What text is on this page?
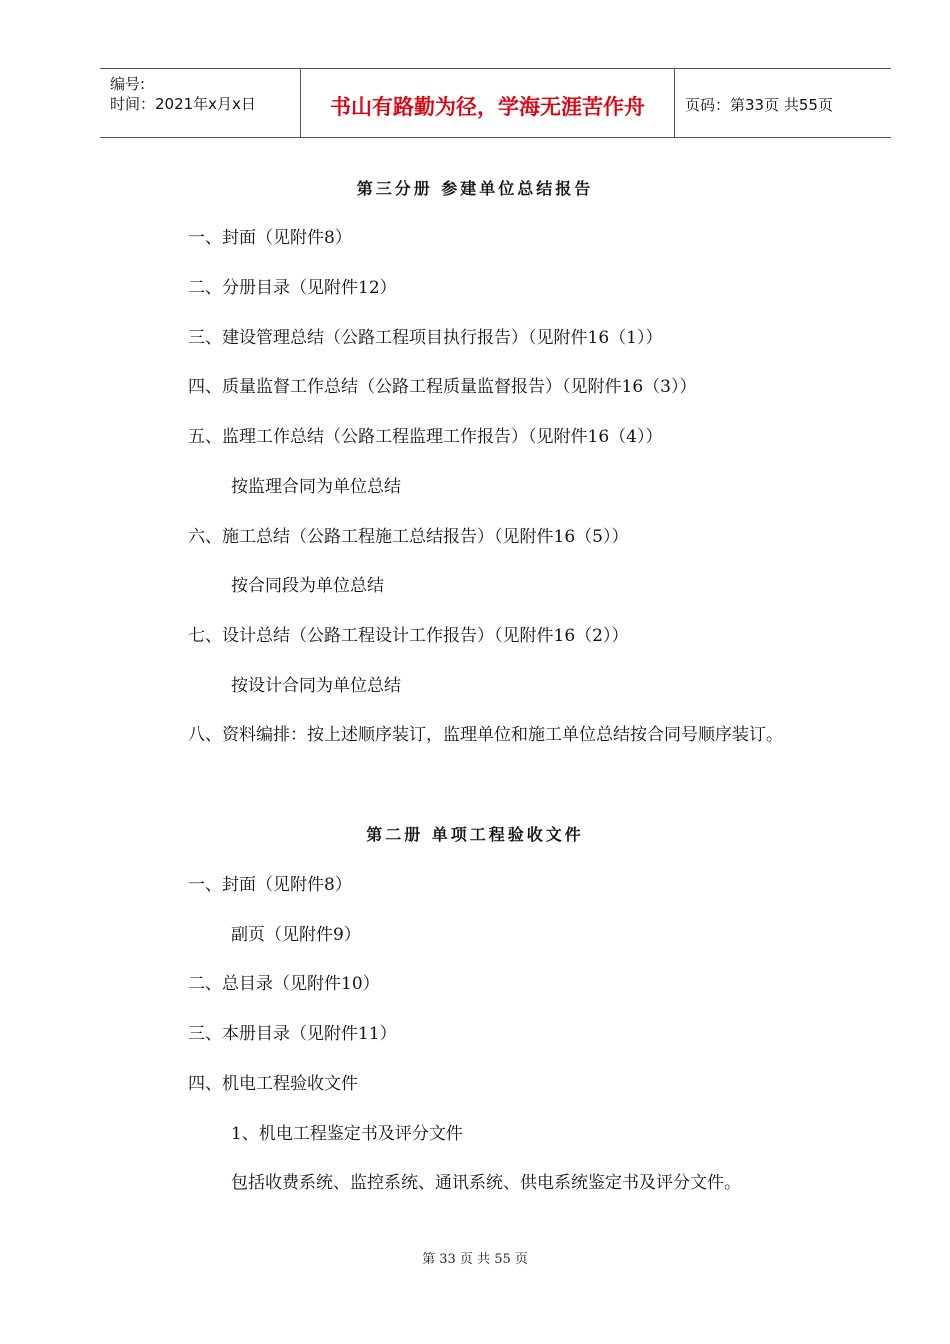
编号:
时间：2021年x月x日	书山有路勤为径，学海无涯苦作舟	页码：第33页 共55页
第三分册 参建单位总结报告
一、封面（见附件8）
二、分册目录（见附件12）
三、建设管理总结（公路工程项目执行报告）（见附件16（1））
四、质量监督工作总结（公路工程质量监督报告）（见附件16（3））
五、监理工作总结（公路工程监理工作报告）（见附件16（4））
按监理合同为单位总结
六、施工总结（公路工程施工总结报告）（见附件16（5））
按合同段为单位总结
七、设计总结（公路工程设计工作报告）（见附件16（2））
按设计合同为单位总结
八、资料编排：按上述顺序装订，监理单位和施工单位总结按合同号顺序装订。
第二册 单项工程验收文件
一、封面（见附件8）
副页（见附件9）
二、总目录（见附件10）
三、本册目录（见附件11）
四、机电工程验收文件
1、机电工程鉴定书及评分文件
包括收费系统、监控系统、通讯系统、供电系统鉴定书及评分文件。
第 33 页 共 55 页
